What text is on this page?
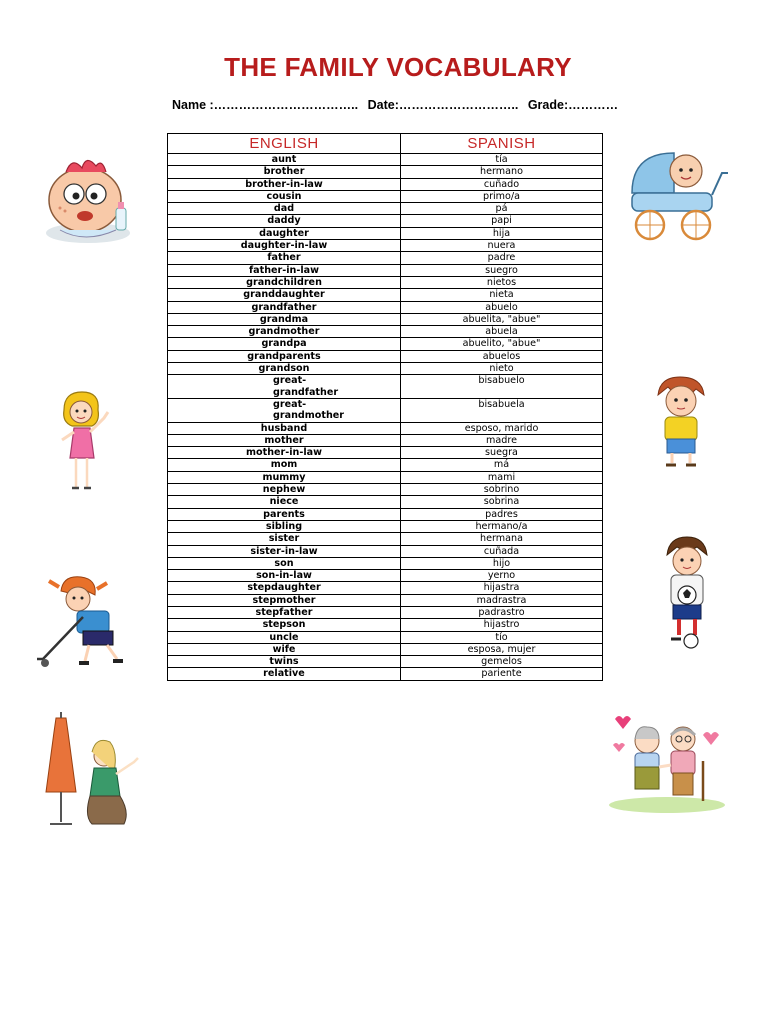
THE FAMILY VOCABULARY
Name :…………………………….. Date:……………………….. Grade:…………
ENGLISH	SPANISH
aunt	tía
brother	hermano
brother-in-law	cuñado
cousin	primo/a
dad	pá
daddy	papi
daughter	hija
daughter-in-law	nuera
father	padre
father-in-law	suegro
grandchildren	nietos
granddaughter	nieta
grandfather	abuelo
grandma	abuelita, "abue"
grandmother	abuela
grandpa	abuelito, "abue"
grandparents	abuelos
grandson	nieto
great-grandfather	bisabuelo
great-grandmother	bisabuela
husband	esposo, marido
mother	madre
mother-in-law	suegra
mom	má
mummy	mami
nephew	sobrino
niece	sobrina
parents	padres
sibling	hermano/a
sister	hermana
sister-in-law	cuñada
son	hijo
son-in-law	yerno
stepdaughter	hijastra
stepmother	madrastra
stepfather	padrastro
stepson	hijastro
uncle	tío
wife	esposa, mujer
twins	gemelos
relative	pariente
